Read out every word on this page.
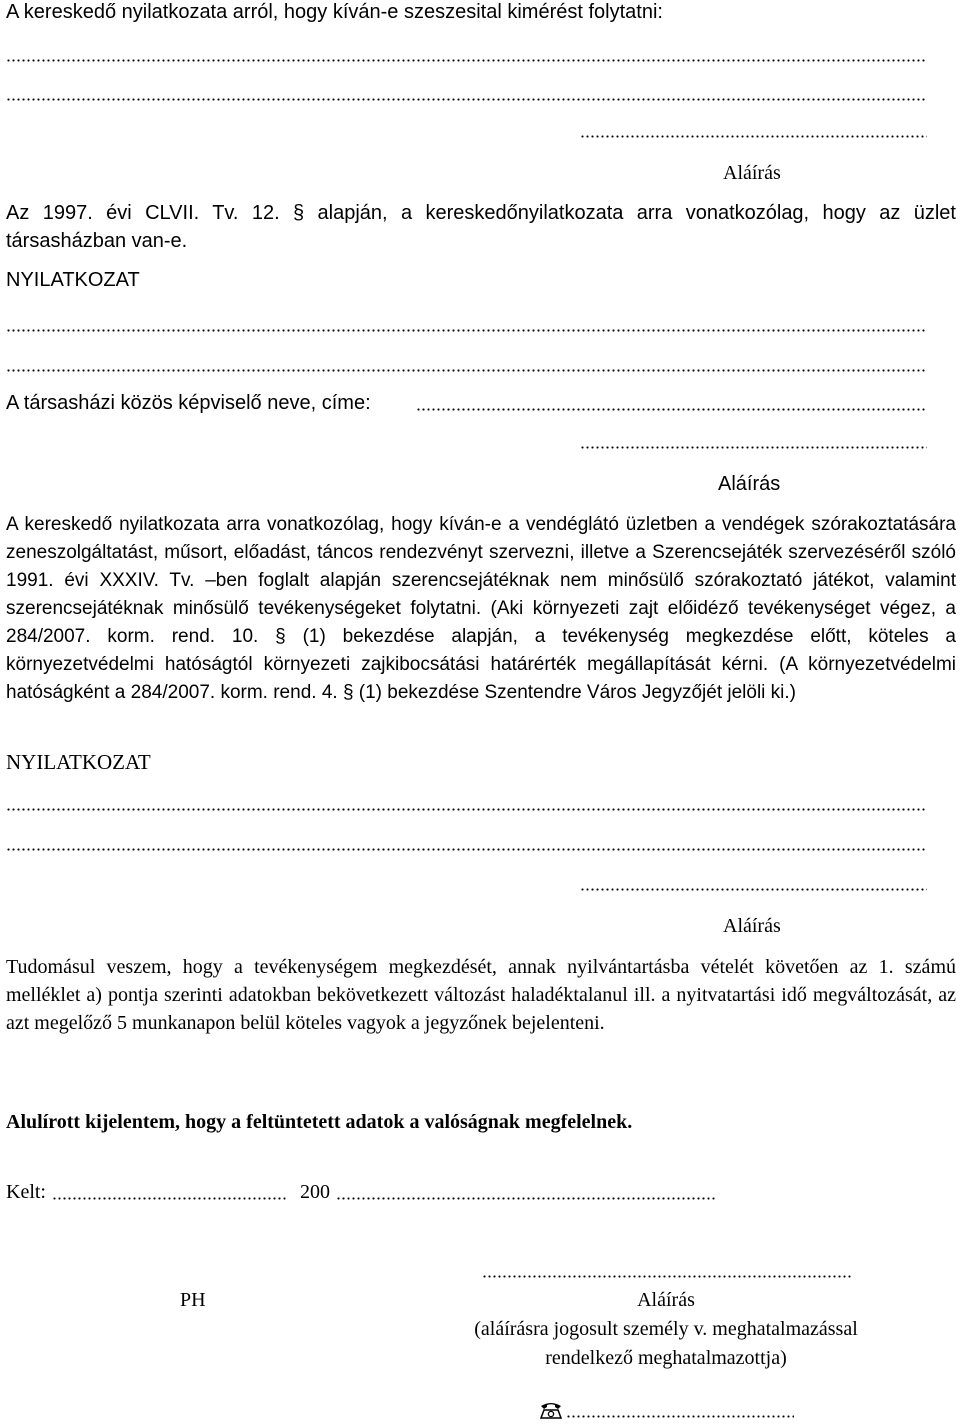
A kereskedő nyilatkozata arról, hogy kíván-e szeszesital kimérést folytatni:
Aláírás
Az 1997. évi CLVII. Tv. 12. § alapján, a kereskedőnyilatkozata arra vonatkozólag, hogy az üzlet társasházban van-e.
NYILATKOZAT
A társasházi közös képviselő neve, címe:
Aláírás
A kereskedő nyilatkozata arra vonatkozólag, hogy kíván-e a vendéglátó üzletben a vendégek szórakoztatására zeneszolgáltatást, műsort, előadást, táncos rendezvényt szervezni, illetve a Szerencsejáték szervezéséről szóló 1991. évi XXXIV. Tv. –ben foglalt alapján szerencsejátéknak nem minősülő szórakoztató játékot, valamint szerencsejátéknak minősülő tevékenységeket folytatni. (Aki környezeti zajt előidéző tevékenységet végez, a 284/2007. korm. rend. 10. § (1) bekezdése alapján, a tevékenység megkezdése előtt, köteles a környezetvédelmi hatóságtól környezeti zajkibocsátási határérték megállapítását kérni. (A környezetvédelmi hatóságként a 284/2007. korm. rend. 4. § (1) bekezdése Szentendre Város Jegyzőjét jelöli ki.)
NYILATKOZAT
Aláírás
Tudomásul veszem, hogy a tevékenységem megkezdését, annak nyilvántartásba vételét követően az 1. számú melléklet a) pontja szerinti adatokban bekövetkezett változást haladéktalanul ill. a nyitvatartási idő megváltozását, az azt megelőző 5 munkanapon belül köteles vagyok a jegyzőnek bejelenteni.
Alulírott kijelentem, hogy a feltüntetett adatok a valóságnak megfelelnek.
Kelt:	200
PH	Aláírás
(aláírásra jogosult személy v. meghatalmazással rendelkező meghatalmazottja)
